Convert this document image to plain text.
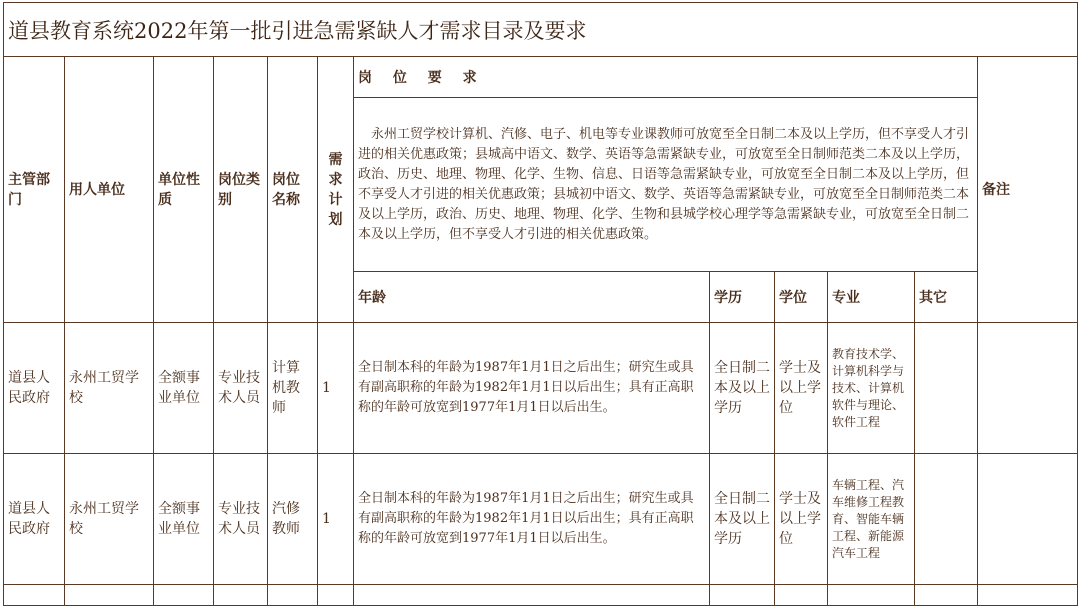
道县教育系统2022年第一批引进急需紧缺人才需求目录及要求											
主管部门	用人单位	单位性质	岗位类别	岗位名称	需求计划	岗 位 要 求					备注
						永州工贸学校计算机、汽修、电子、机电等专业课教师可放宽至全日制二本及以上学历，但不享受人才引进的相关优惠政策；县城高中语文、数学、英语等急需紧缺专业，可放宽至全日制师范类二本及以上学历，政治、历史、地理、物理、化学、生物、信息、日语等急需紧缺专业，可放宽至全日制二本及以上学历，但不享受人才引进的相关优惠政策；县城初中语文、数学、英语等急需紧缺专业，可放宽至全日制师范类二本及以上学历，政治、历史、地理、物理、化学、生物和县城学校心理学等急需紧缺专业，可放宽至全日制二本及以上学历，但不享受人才引进的相关优惠政策。					
						年龄	学历	学位	专业	其它	
道县人民政府	永州工贸学校	全额事业单位	专业技术人员	计算机教师	1	全日制本科的年龄为1987年1月1日之后出生；研究生或具有副高职称的年龄为1982年1月1日以后出生；具有正高职称的年龄可放宽到1977年1月1日以后出生。	全日制二本及以上学历	学士及以上学位	教育技术学、计算机科学与技术、计算机软件与理论、软件工程		
道县人民政府	永州工贸学校	全额事业单位	专业技术人员	汽修教师	1	全日制本科的年龄为1987年1月1日之后出生；研究生或具有副高职称的年龄为1982年1月1日以后出生；具有正高职称的年龄可放宽到1977年1月1日以后出生。	全日制二本及以上学历	学士及以上学位	车辆工程、汽车维修工程教育、智能车辆工程、新能源汽车工程		
